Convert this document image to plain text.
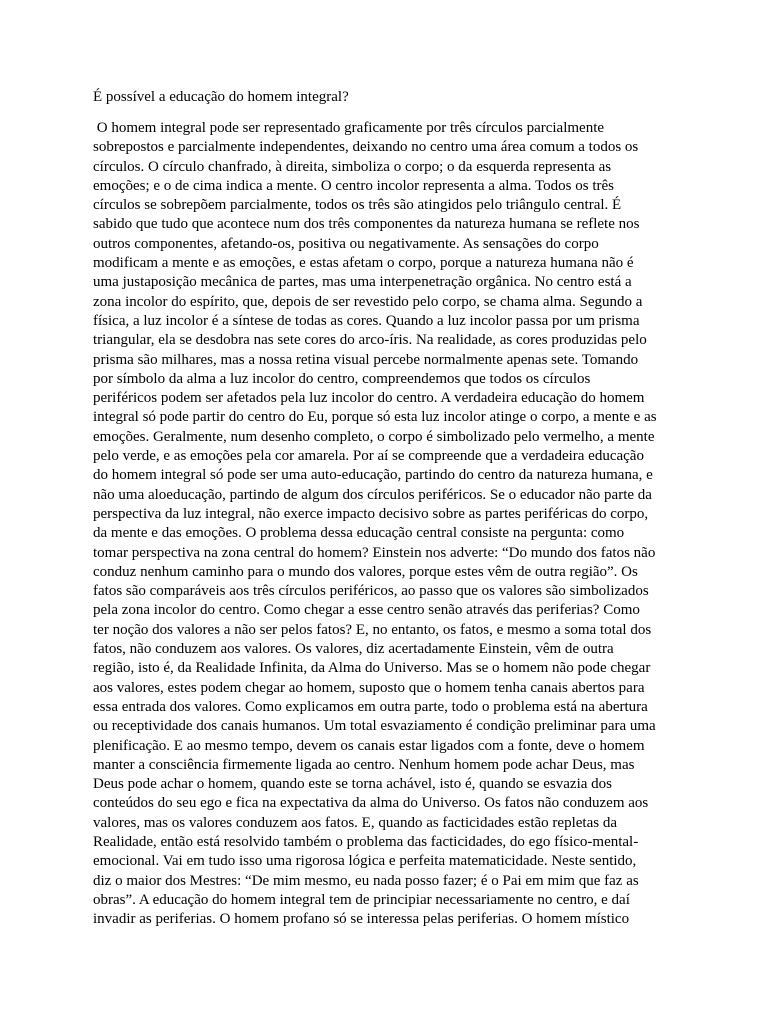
É possível a educação do homem integral?
O homem integral pode ser representado graficamente por três círculos parcialmente
sobrepostos e parcialmente independentes, deixando no centro uma área comum a todos os
círculos. O círculo chanfrado, à direita, simboliza o corpo; o da esquerda representa as
emoções; e o de cima indica a mente. O centro incolor representa a alma. Todos os três
círculos se sobrepõem parcialmente, todos os três são atingidos pelo triângulo central. É
sabido que tudo que acontece num dos três componentes da natureza humana se reflete nos
outros componentes, afetando-os, positiva ou negativamente. As sensações do corpo
modificam a mente e as emoções, e estas afetam o corpo, porque a natureza humana não é
uma justaposição mecânica de partes, mas uma interpenetração orgânica. No centro está a
zona incolor do espírito, que, depois de ser revestido pelo corpo, se chama alma. Segundo a
física, a luz incolor é a síntese de todas as cores. Quando a luz incolor passa por um prisma
triangular, ela se desdobra nas sete cores do arco-íris. Na realidade, as cores produzidas pelo
prisma são milhares, mas a nossa retina visual percebe normalmente apenas sete. Tomando
por símbolo da alma a luz incolor do centro, compreendemos que todos os círculos
periféricos podem ser afetados pela luz incolor do centro. A verdadeira educação do homem
integral só pode partir do centro do Eu, porque só esta luz incolor atinge o corpo, a mente e as
emoções. Geralmente, num desenho completo, o corpo é simbolizado pelo vermelho, a mente
pelo verde, e as emoções pela cor amarela. Por aí se compreende que a verdadeira educação
do homem integral só pode ser uma auto-educação, partindo do centro da natureza humana, e
não uma aloeducação, partindo de algum dos círculos periféricos. Se o educador não parte da
perspectiva da luz integral, não exerce impacto decisivo sobre as partes periféricas do corpo,
da mente e das emoções. O problema dessa educação central consiste na pergunta: como
tomar perspectiva na zona central do homem? Einstein nos adverte: “Do mundo dos fatos não
conduz nenhum caminho para o mundo dos valores, porque estes vêm de outra região”. Os
fatos são comparáveis aos três círculos periféricos, ao passo que os valores são simbolizados
pela zona incolor do centro. Como chegar a esse centro senão através das periferias? Como
ter noção dos valores a não ser pelos fatos? E, no entanto, os fatos, e mesmo a soma total dos
fatos, não conduzem aos valores. Os valores, diz acertadamente Einstein, vêm de outra
região, isto é, da Realidade Infinita, da Alma do Universo. Mas se o homem não pode chegar
aos valores, estes podem chegar ao homem, suposto que o homem tenha canais abertos para
essa entrada dos valores. Como explicamos em outra parte, todo o problema está na abertura
ou receptividade dos canais humanos. Um total esvaziamento é condição preliminar para uma
plenificação. E ao mesmo tempo, devem os canais estar ligados com a fonte, deve o homem
manter a consciência firmemente ligada ao centro. Nenhum homem pode achar Deus, mas
Deus pode achar o homem, quando este se torna achável, isto é, quando se esvazia dos
conteúdos do seu ego e fica na expectativa da alma do Universo. Os fatos não conduzem aos
valores, mas os valores conduzem aos fatos. E, quando as facticidades estão repletas da
Realidade, então está resolvido também o problema das facticidades, do ego físico-mental-
emocional. Vai em tudo isso uma rigorosa lógica e perfeita matematicidade. Neste sentido,
diz o maior dos Mestres: “De mim mesmo, eu nada posso fazer; é o Pai em mim que faz as
obras”. A educação do homem integral tem de principiar necessariamente no centro, e daí
invadir as periferias. O homem profano só se interessa pelas periferias. O homem místico
